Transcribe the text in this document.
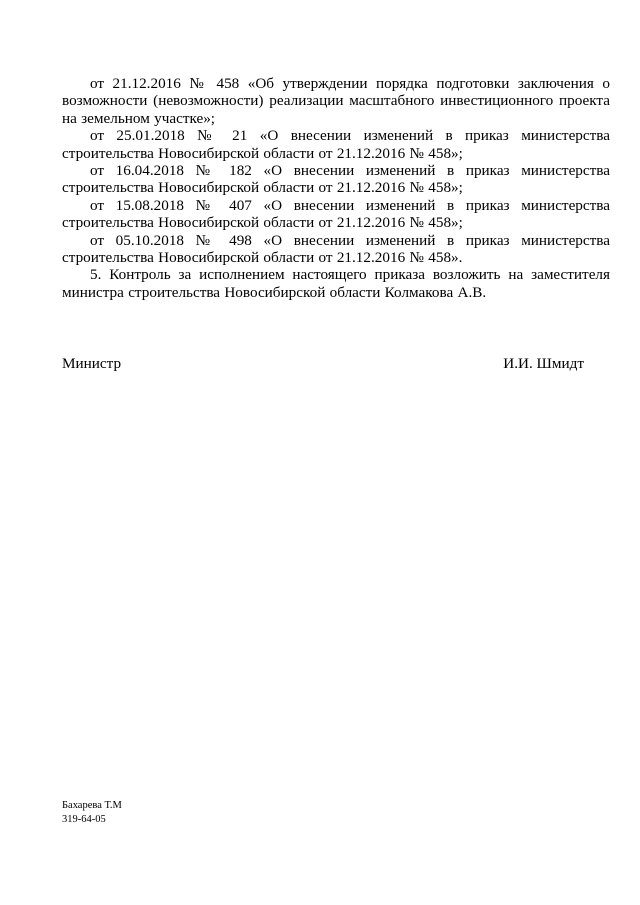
от 21.12.2016 № 458 «Об утверждении порядка подготовки заключения о возможности (невозможности) реализации масштабного инвестиционного проекта на земельном участке»;

от 25.01.2018 № 21 «О внесении изменений в приказ министерства строительства Новосибирской области от 21.12.2016 № 458»;

от 16.04.2018 № 182 «О внесении изменений в приказ министерства строительства Новосибирской области от 21.12.2016 № 458»;

от 15.08.2018 № 407 «О внесении изменений в приказ министерства строительства Новосибирской области от 21.12.2016 № 458»;

от 05.10.2018 № 498 «О внесении изменений в приказ министерства строительства Новосибирской области от 21.12.2016 № 458».

5. Контроль за исполнением настоящего приказа возложить на заместителя министра строительства Новосибирской области Колмакова А.В.

Министр	И.И. Шмидт
Бахарева Т.М
319-64-05
